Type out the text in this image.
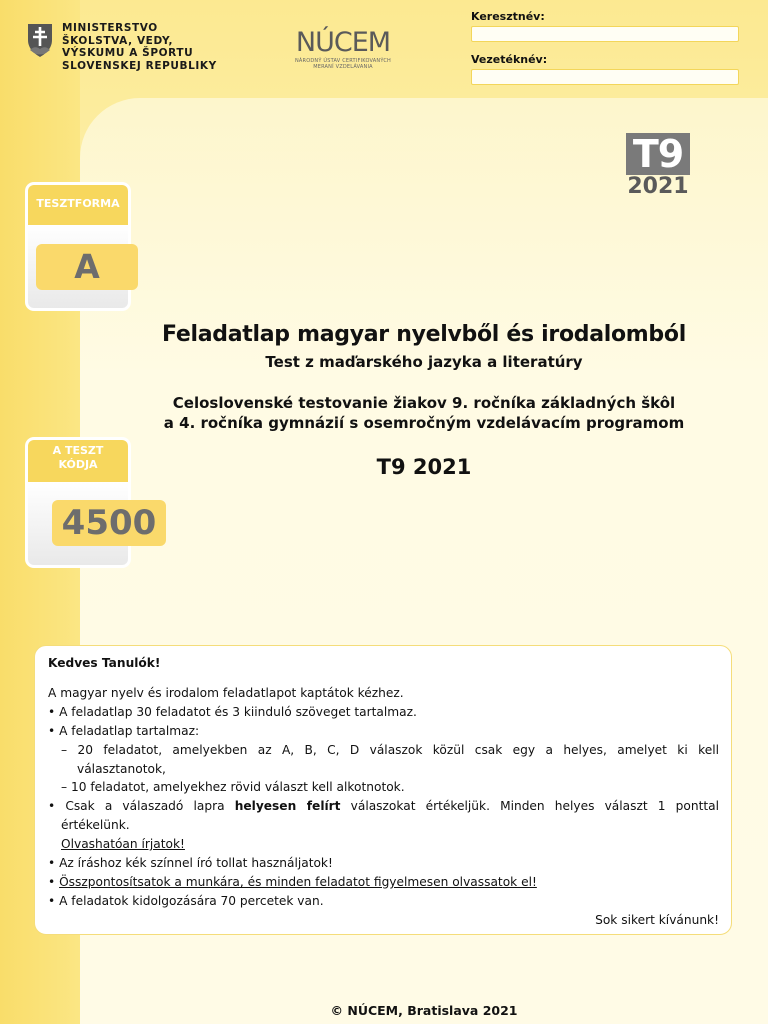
MINISTERSTVO
ŠKOLSTVA, VEDY,
VÝSKUMU A ŠPORTU
SLOVENSKEJ REPUBLIKY
NÚCEM
NÁRODNÝ ÚSTAV CERTIFIKOVANÝCH
MERANÍ VZDELÁVANIA
Keresztnév:
Vezetéknév:
T9
2021
TESZTFORMA
A
A TESZT
KÓDJA
4500
Feladatlap magyar nyelvből és irodalomból
Test z maďarského jazyka a literatúry
Celoslovenské testovanie žiakov 9. ročníka základných škôl
a 4. ročníka gymnázií s osemročným vzdelávacím programom
T9 2021
Kedves Tanulók!
A magyar nyelv és irodalom feladatlapot kaptátok kézhez.
• A feladatlap 30 feladatot és 3 kiinduló szöveget tartalmaz.
• A feladatlap tartalmaz:
– 20 feladatot, amelyekben az A, B, C, D válaszok közül csak egy a helyes, amelyet ki kell
választanotok,
– 10 feladatot, amelyekhez rövid választ kell alkotnotok.
• Csak a válaszadó lapra helyesen felírt válaszokat értékeljük. Minden helyes választ 1 ponttal
értékelünk.
Olvashatóan írjatok!
• Az íráshoz kék színnel író tollat használjatok!
• Összpontosítsatok a munkára, és minden feladatot figyelmesen olvassatok el!
• A feladatok kidolgozására 70 percetek van.
Sok sikert kívánunk!
© NÚCEM, Bratislava 2021
